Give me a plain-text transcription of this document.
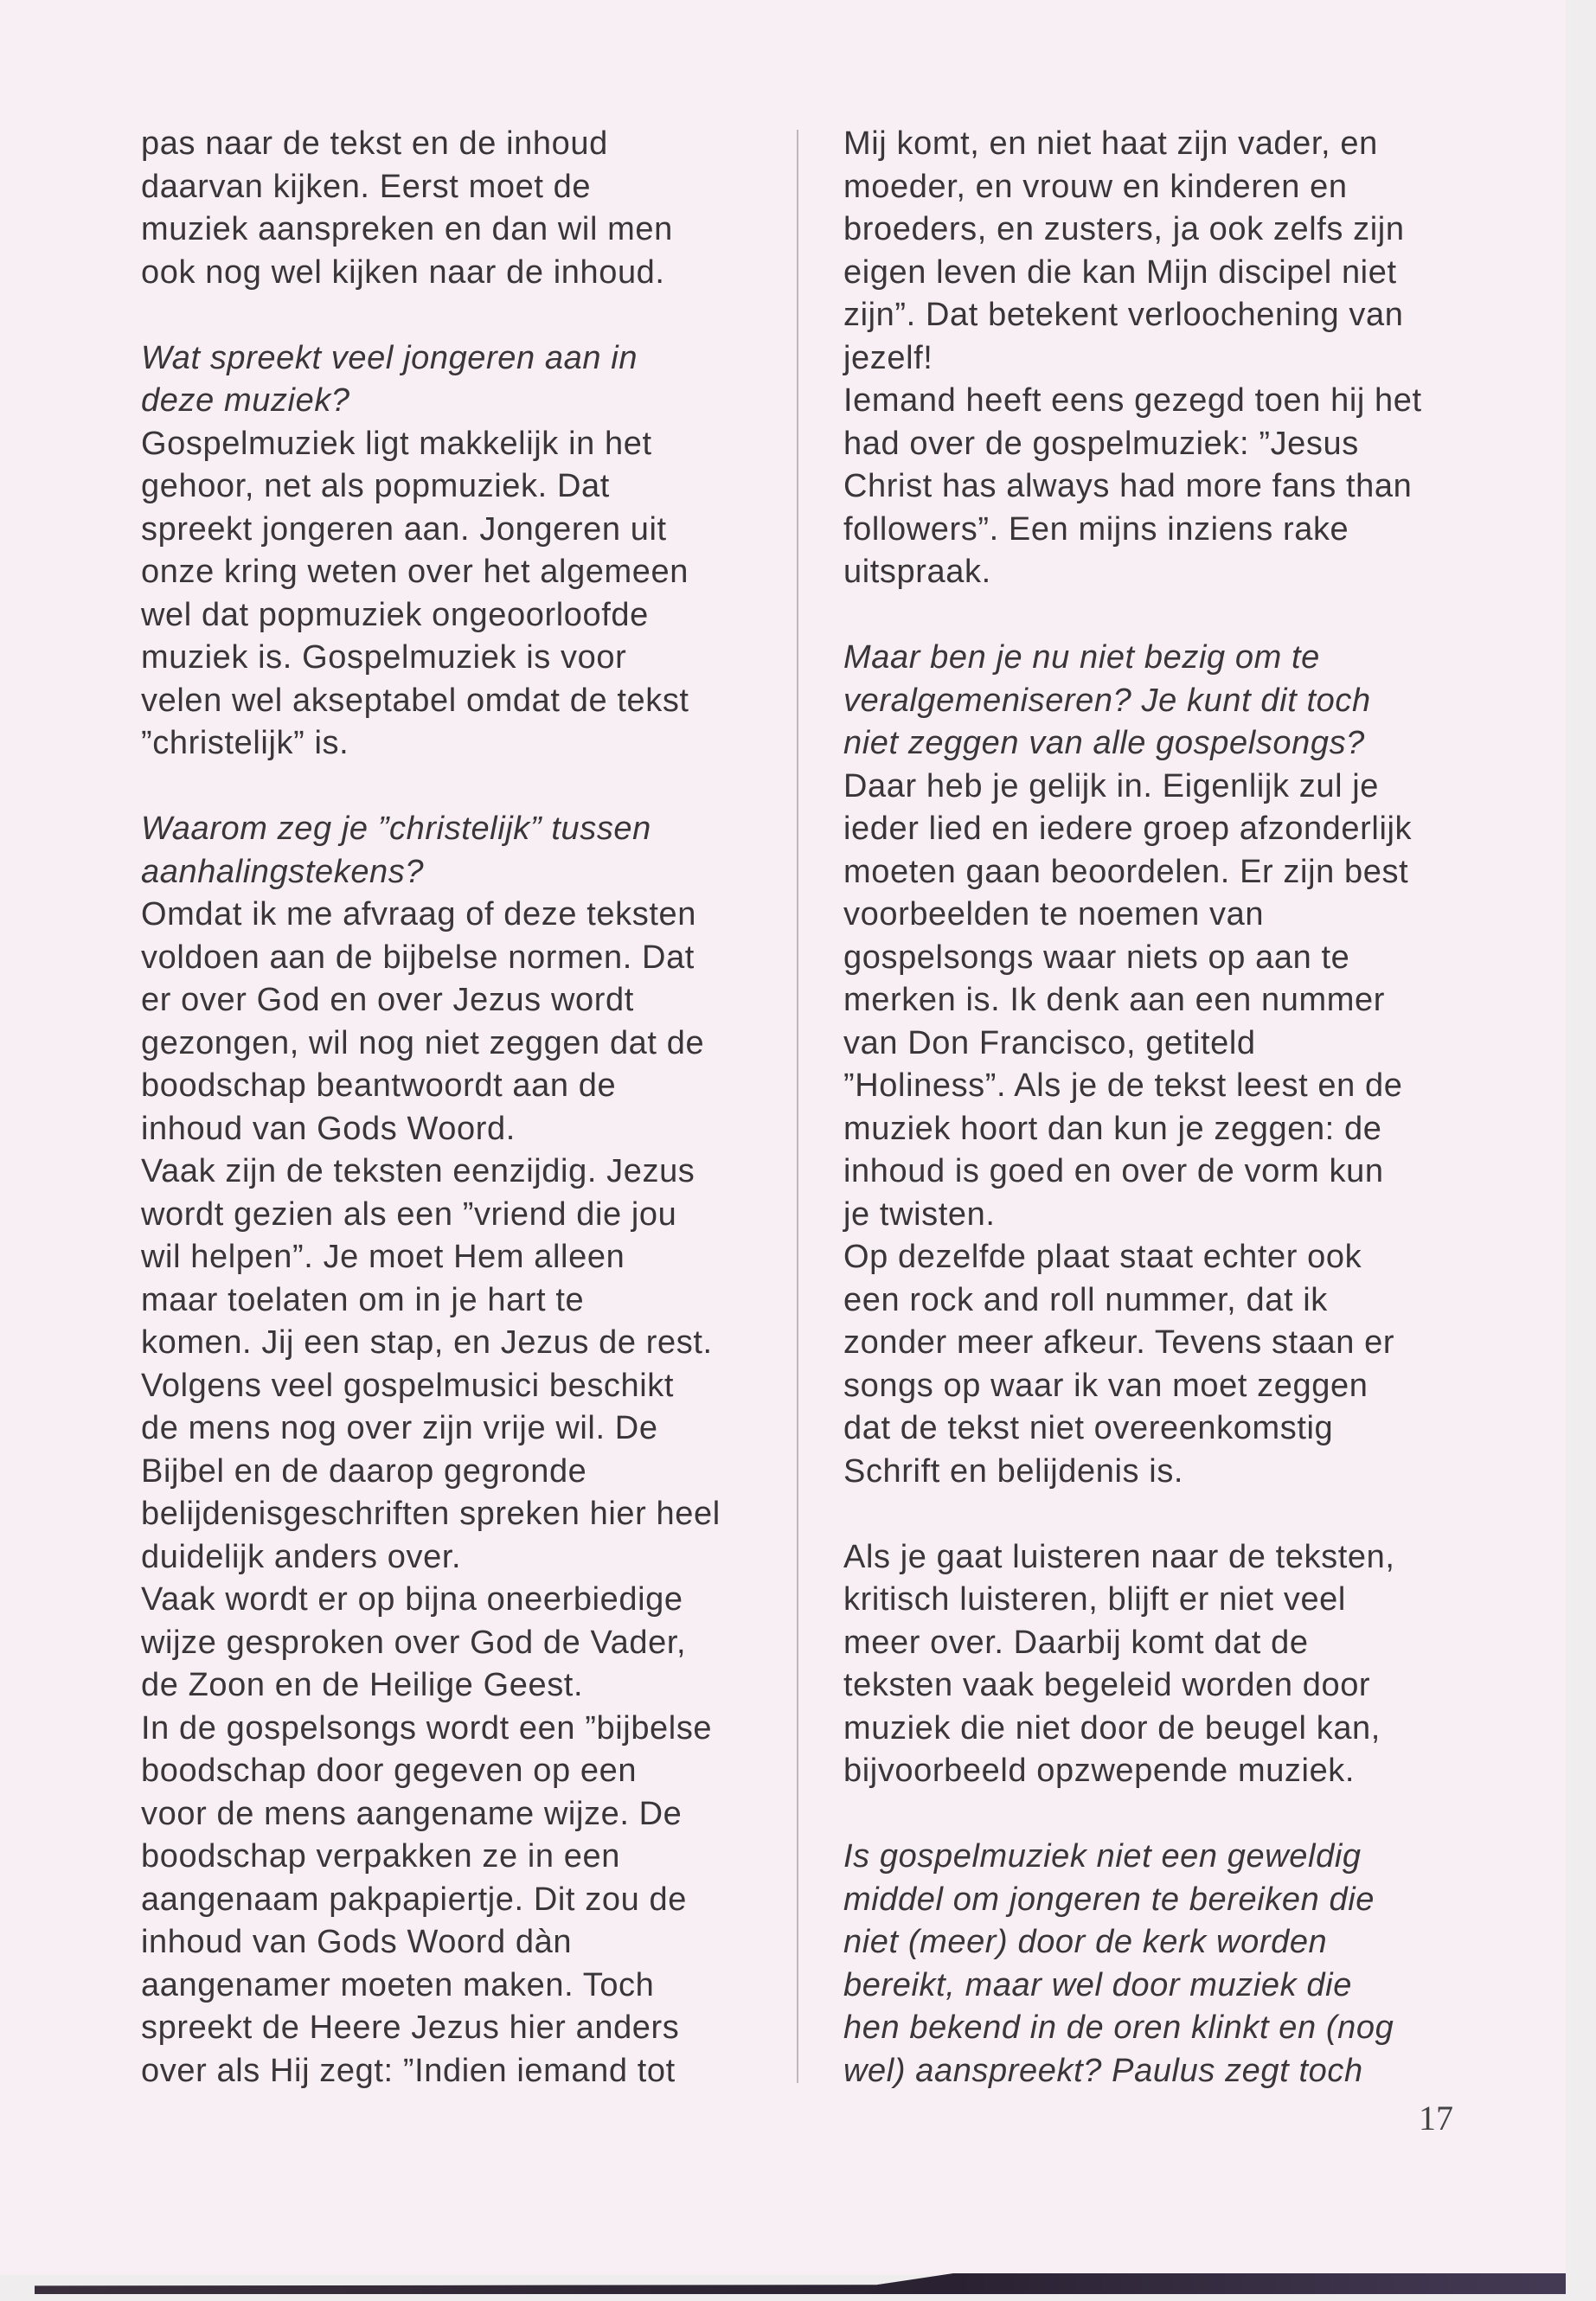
pas naar de tekst en de inhoud
daarvan kijken. Eerst moet de
muziek aanspreken en dan wil men
ook nog wel kijken naar de inhoud.
Wat spreekt veel jongeren aan in
deze muziek?
Gospelmuziek ligt makkelijk in het
gehoor, net als popmuziek. Dat
spreekt jongeren aan. Jongeren uit
onze kring weten over het algemeen
wel dat popmuziek ongeoorloofde
muziek is. Gospelmuziek is voor
velen wel akseptabel omdat de tekst
”christelijk” is.
Waarom zeg je ”christelijk” tussen
aanhalingstekens?
Omdat ik me afvraag of deze teksten
voldoen aan de bijbelse normen. Dat
er over God en over Jezus wordt
gezongen, wil nog niet zeggen dat de
boodschap beantwoordt aan de
inhoud van Gods Woord.
Vaak zijn de teksten eenzijdig. Jezus
wordt gezien als een ”vriend die jou
wil helpen”. Je moet Hem alleen
maar toelaten om in je hart te
komen. Jij een stap, en Jezus de rest.
Volgens veel gospelmusici beschikt
de mens nog over zijn vrije wil. De
Bijbel en de daarop gegronde
belijdenisgeschriften spreken hier heel
duidelijk anders over.
Vaak wordt er op bijna oneerbiedige
wijze gesproken over God de Vader,
de Zoon en de Heilige Geest.
In de gospelsongs wordt een ”bijbelse
boodschap door gegeven op een
voor de mens aangename wijze. De
boodschap verpakken ze in een
aangenaam pakpapiertje. Dit zou de
inhoud van Gods Woord dàn
aangenamer moeten maken. Toch
spreekt de Heere Jezus hier anders
over als Hij zegt: ”Indien iemand tot
Mij komt, en niet haat zijn vader, en
moeder, en vrouw en kinderen en
broeders, en zusters, ja ook zelfs zijn
eigen leven die kan Mijn discipel niet
zijn”. Dat betekent verloochening van
jezelf!
Iemand heeft eens gezegd toen hij het
had over de gospelmuziek: ”Jesus
Christ has always had more fans than
followers”. Een mijns inziens rake
uitspraak.
Maar ben je nu niet bezig om te
veralgemeniseren? Je kunt dit toch
niet zeggen van alle gospelsongs?
Daar heb je gelijk in. Eigenlijk zul je
ieder lied en iedere groep afzonderlijk
moeten gaan beoordelen. Er zijn best
voorbeelden te noemen van
gospelsongs waar niets op aan te
merken is. Ik denk aan een nummer
van Don Francisco, getiteld
”Holiness”. Als je de tekst leest en de
muziek hoort dan kun je zeggen: de
inhoud is goed en over de vorm kun
je twisten.
Op dezelfde plaat staat echter ook
een rock and roll nummer, dat ik
zonder meer afkeur. Tevens staan er
songs op waar ik van moet zeggen
dat de tekst niet overeenkomstig
Schrift en belijdenis is.
Als je gaat luisteren naar de teksten,
kritisch luisteren, blijft er niet veel
meer over. Daarbij komt dat de
teksten vaak begeleid worden door
muziek die niet door de beugel kan,
bijvoorbeeld opzwepende muziek.
Is gospelmuziek niet een geweldig
middel om jongeren te bereiken die
niet (meer) door de kerk worden
bereikt, maar wel door muziek die
hen bekend in de oren klinkt en (nog
wel) aanspreekt? Paulus zegt toch
17
